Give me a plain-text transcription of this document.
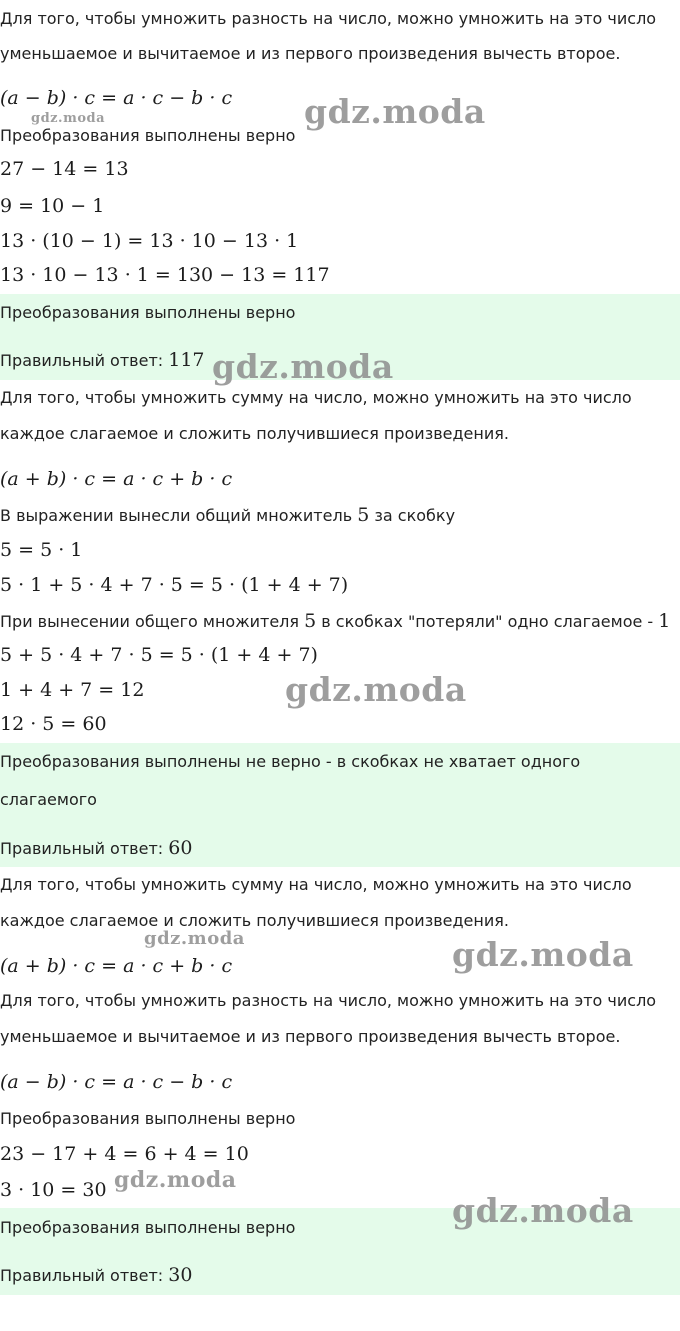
Для того, чтобы умножить разность на число, можно умножить на это число
уменьшаемое и вычитаемое и из первого произведения вычесть второе.
(a − b) · c = a · c − b · c
Преобразования выполнены верно
27 − 14 = 13
9 = 10 − 1
13 · (10 − 1) = 13 · 10 − 13 · 1
13 · 10 − 13 · 1 = 130 − 13 = 117
Преобразования выполнены верно
Правильный ответ: 117
Для того, чтобы умножить сумму на число, можно умножить на это число
каждое слагаемое и сложить получившиеся произведения.
(a + b) · c = a · c + b · c
В выражении вынесли общий множитель 5 за скобку
5 = 5 · 1
5 · 1 + 5 · 4 + 7 · 5 = 5 · (1 + 4 + 7)
При вынесении общего множителя 5 в скобках "потеряли" одно слагаемое - 1
5 + 5 · 4 + 7 · 5 = 5 · (1 + 4 + 7)
1 + 4 + 7 = 12
12 · 5 = 60
Преобразования выполнены не верно - в скобках не хватает одного
слагаемого
Правильный ответ: 60
Для того, чтобы умножить сумму на число, можно умножить на это число
каждое слагаемое и сложить получившиеся произведения.
(a + b) · c = a · c + b · c
Для того, чтобы умножить разность на число, можно умножить на это число
уменьшаемое и вычитаемое и из первого произведения вычесть второе.
(a − b) · c = a · c − b · c
Преобразования выполнены верно
23 − 17 + 4 = 6 + 4 = 10
3 · 10 = 30
Преобразования выполнены верно
Правильный ответ: 30
gdz.moda
gdz.moda
gdz.moda
gdz.moda
gdz.moda	gdz.moda
gdz.moda
gdz.moda
